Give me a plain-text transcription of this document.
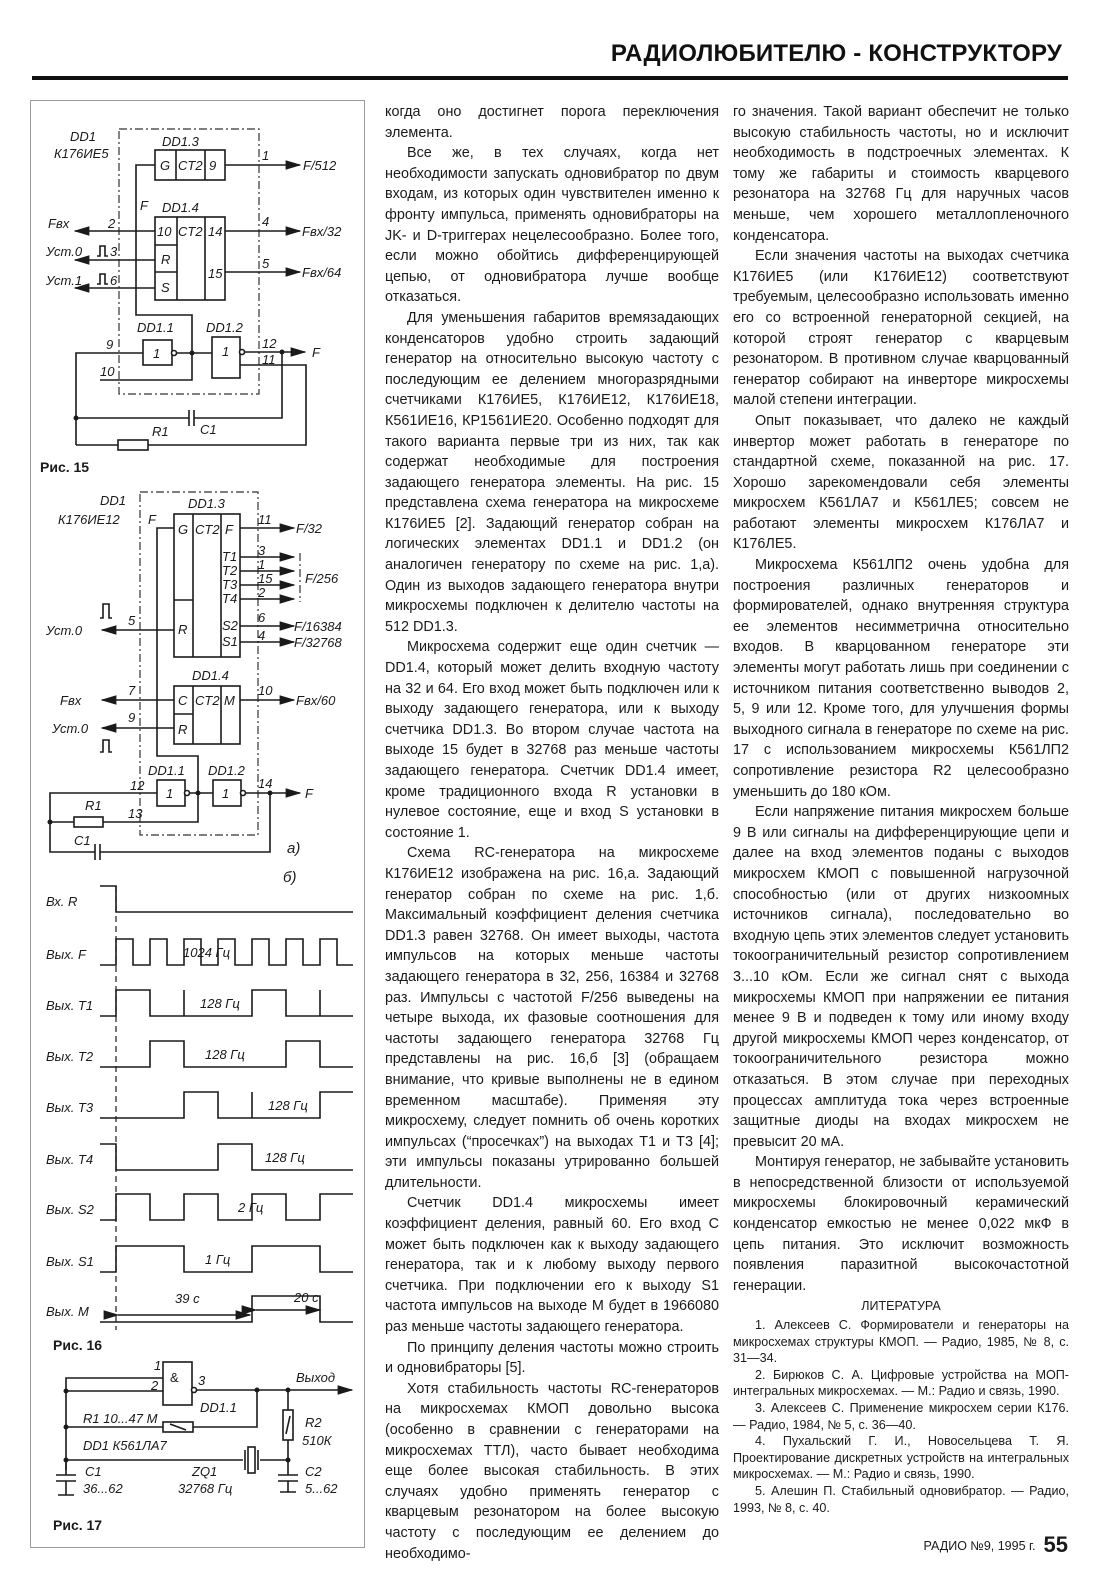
РАДИОЛЮБИТЕЛЮ - КОНСТРУКТОРУ
DD1
К176ИЕ5
DD1.3
G CT2 9
1
F/512
F DD1.4
10 CT2 14
15
R
S
Fвх	2
Уст.0 3
Уст.1 6
4
5
Fвх/32
Fвх/64
DD1.1 DD1.2
1	1
9
10
12
11	F
R1 C1
Рис. 15
DD1
К176ИЕ12 F
DD1.3
G CT2 F
T1
T2
T3
T4
R	S2
S1
11
3
1
15
2
6
4
F/32
F/256
F/16384
F/32768
Уст.0
5
DD1.4
C CT2 M
R
Fвх
Уст.0
7
9
10
Fвх/60
DD1.1 DD1.2
1	1	F
14
12
13
R1
C1	а)
б)
20 с
39 с
Рис. 16
Вх. R
Вых. F	1024 Гц
Вых. T1	128 Гц
Вых. T2	128 Гц
Вых. T3	128 Гц
Вых. T4	128 Гц
Вых. S2	2 Гц
Вых. S1	1 Гц
Вых. M
&
1
2	3	Выход
DD1.1
R1 10...47 М	R2
510К
DD1 К561ЛА7
C1
36...62
ZQ1
32768 Гц
C2
5...62
Рис. 17

когда оно достигнет порога переключения элемента.

Все же, в тех случаях, когда нет необходимости запускать одновибратор по двум входам, из которых один чувствителен именно к фронту импульса, применять одновибраторы на JK- и D-триггерах нецелесообразно. Более того, если можно обойтись дифференцирующей цепью, от одновибратора лучше вообще отказаться.

Для уменьшения габаритов времязадающих конденсаторов удобно строить задающий генератор на относительно высокую частоту с последующим ее делением многоразрядными счетчиками К176ИЕ5, К176ИЕ12, К176ИЕ18, К561ИЕ16, КР1561ИЕ20. Особенно подходят для такого варианта первые три из них, так как содержат необходимые для построения задающего генератора элементы. На рис. 15 представлена схема генератора на микросхеме К176ИЕ5 [2]. Задающий генератор собран на логических элементах DD1.1 и DD1.2 (он аналогичен генератору по схеме на рис. 1,а). Один из выходов задающего генератора внутри микросхемы подключен к делителю частоты на 512 DD1.3.

Микросхема содержит еще один счетчик — DD1.4, который может делить входную частоту на 32 и 64. Его вход может быть подключен или к выходу задающего генератора, или к выходу счетчика DD1.3. Во втором случае частота на выходе 15 будет в 32768 раз меньше частоты задающего генератора. Счетчик DD1.4 имеет, кроме традиционного входа R установки в нулевое состояние, еще и вход S установки в состояние 1.

Схема RC-генератора на микросхеме К176ИЕ12 изображена на рис. 16,а. Задающий генератор собран по схеме на рис. 1,б. Максимальный коэффициент деления счетчика DD1.3 равен 32768. Он имеет выходы, частота импульсов на которых меньше частоты задающего генератора в 32, 256, 16384 и 32768 раз. Импульсы с частотой F/256 выведены на четыре выхода, их фазовые соотношения для частоты задающего генератора 32768 Гц представлены на рис. 16,б [3] (обращаем внимание, что кривые выполнены не в едином временном масштабе). Применяя эту микросхему, следует помнить об очень коротких импульсах (“просечках”) на выходах Т1 и Т3 [4]; эти импульсы показаны утрированно большей длительности.

Счетчик DD1.4 микросхемы имеет коэффициент деления, равный 60. Его вход С может быть подключен как к выходу задающего генератора, так и к любому выходу первого счетчика. При подключении его к выходу S1 частота импульсов на выходе М будет в 1966080 раз меньше частоты задающего генератора.

По принципу деления частоты можно строить и одновибраторы [5].

Хотя стабильность частоты RC-генераторов на микросхемах КМОП довольно высока (особенно в сравнении с генераторами на микросхемах ТТЛ), часто бывает необходима еще более высокая стабильность. В этих случаях удобно применять генератор с кварцевым резонатором на более высокую частоту с последующим ее делением до необходимо-

го значения. Такой вариант обеспечит не только высокую стабильность частоты, но и исключит необходимость в подстроечных элементах. К тому же габариты и стоимость кварцевого резонатора на 32768 Гц для наручных часов меньше, чем хорошего металлопленочного конденсатора.

Если значения частоты на выходах счетчика К176ИЕ5 (или К176ИЕ12) соответствуют требуемым, целесообразно использовать именно его со встроенной генераторной секцией, на которой строят генератор с кварцевым резонатором. В противном случае кварцованный генератор собирают на инверторе микросхемы малой степени интеграции.

Опыт показывает, что далеко не каждый инвертор может работать в генераторе по стандартной схеме, показанной на рис. 17. Хорошо зарекомендовали себя элементы микросхем К561ЛА7 и К561ЛЕ5; совсем не работают элементы микросхем К176ЛА7 и К176ЛЕ5.

Микросхема К561ЛП2 очень удобна для построения различных генераторов и формирователей, однако внутренняя структура ее элементов несимметрична относительно входов. В кварцованном генераторе эти элементы могут работать лишь при соединении с источником питания соответственно выводов 2, 5, 9 или 12. Кроме того, для улучшения формы выходного сигнала в генераторе по схеме на рис. 17 с использованием микросхемы К561ЛП2 сопротивление резистора R2 целесообразно уменьшить до 180 кОм.

Если напряжение питания микросхем больше 9 В или сигналы на дифференцирующие цепи и далее на вход элементов поданы с выходов микросхем КМОП с повышенной нагрузочной способностью (или от других низкоомных источников сигнала), последовательно во входную цепь этих элементов следует установить токоограничительный резистор сопротивлением 3...10 кОм. Если же сигнал снят с выхода микросхемы КМОП при напряжении ее питания менее 9 В и подведен к тому или иному входу другой микросхемы КМОП через конденсатор, от токоограничительного резистора можно отказаться. В этом случае при переходных процессах амплитуда тока через встроенные защитные диоды на входах микросхем не превысит 20 мА.

Монтируя генератор, не забывайте установить в непосредственной близости от используемой микросхемы блокировочный керамический конденсатор емкостью не менее 0,022 мкФ в цепь питания. Это исключит возможность появления паразитной высокочастотной генерации.

ЛИТЕРАТУРА

1. Алексеев С. Формирователи и генераторы на микросхемах структуры КМОП. — Радио, 1985, № 8, с. 31—34.

2. Бирюков С. А. Цифровые устройства на МОП-интегральных микросхемах. — М.: Радио и связь, 1990.

3. Алексеев С. Применение микросхем серии К176. — Радио, 1984, № 5, с. 36—40.

4. Пухальский Г. И., Новосельцева Т. Я. Проектирование дискретных устройств на интегральных микросхемах. — М.: Радио и связь, 1990.

5. Алешин П. Стабильный одновибратор. — Радио, 1993, № 8, с. 40.

РАДИО №9, 1995 г. 55
